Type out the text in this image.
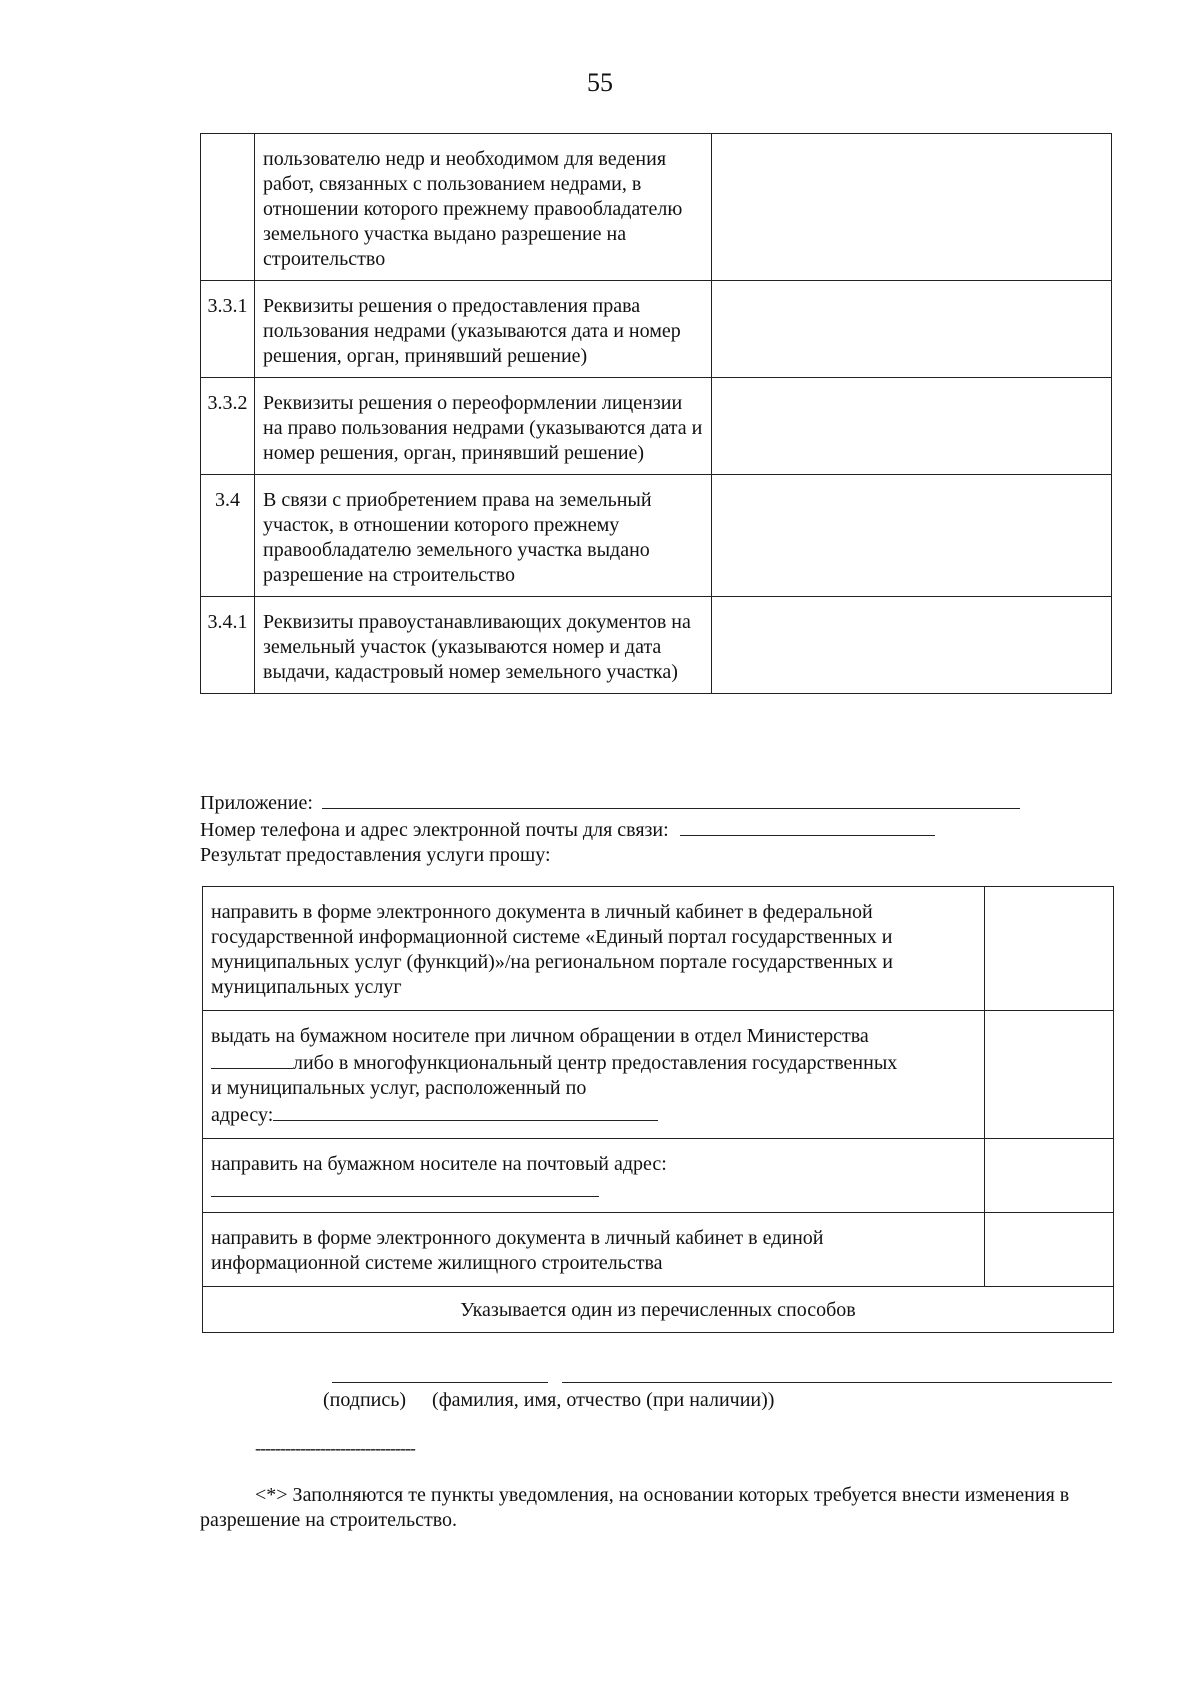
55
	пользователю недр и необходимом для ведения работ, связанных с пользованием недрами, в отношении которого прежнему правообладателю земельного участка выдано разрешение на строительство	
3.3.1	Реквизиты решения о предоставления права пользования недрами (указываются дата и номер решения, орган, принявший решение)	
3.3.2	Реквизиты решения о переоформлении лицензии на право пользования недрами (указываются дата и номер решения, орган, принявший решение)	
3.4	В связи с приобретением права на земельный участок, в отношении которого прежнему правообладателю земельного участка выдано разрешение на строительство	
3.4.1	Реквизиты правоустанавливающих документов на земельный участок (указываются номер и дата выдачи, кадастровый номер земельного участка)	
Приложение:
Номер телефона и адрес электронной почты для связи:
Результат предоставления услуги прошу:
направить в форме электронного документа в личный кабинет в федеральной государственной информационной системе «Единый портал государственных и муниципальных услуг (функций)»/на региональном портале государственных и муниципальных услуг	

выдать на бумажном носителе при личном обращении в отдел Министерства
либо в многофункциональный центр предоставления государственных
и муниципальных услуг, расположенный по
адресу:	

направить на бумажном носителе на почтовый адрес:	

направить в форме электронного документа в личный кабинет в единой информационной системе жилищного строительства	
Указывается один из перечисленных способов	
(подпись) (фамилия, имя, отчество (при наличии))
--------------------------------
<*> Заполняются те пункты уведомления, на основании которых требуется внести изменения в разрешение на строительство.
